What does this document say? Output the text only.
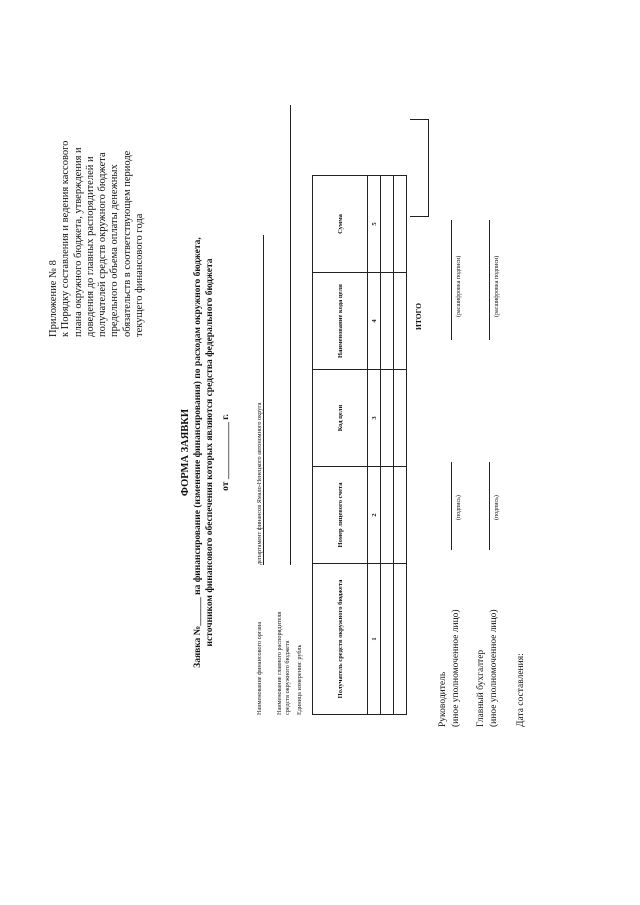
Приложение № 8 к Порядку составления и ведения кассового плана окружного бюджета, утверждения и доведения до главных распорядителей и получателей средств окружного бюджета предельного объема оплаты денежных обязательств в соответствующем периоде текущего финансового года
ФОРМА ЗАЯВКИ Заявка №______ на финансирование (изменение финансирования) по расходам окружного бюджета, источником финансового обеспечения которых являются средства федерального бюджета от ____________ г.
Наименование финансового органа
департамент финансов Ямало-Ненецкого автономного округа
Наименование главного распорядителя средств окружного бюджета Единица измерения: рубль	Получатель средств окружного бюджета	Номер лицевого счета	Код цели	Наименование кода цели	Сумма
1	2	3	4	5

ИТОГО
Руководитель (иное уполномоченное лицо)
(подпись)
(расшифровка подписи)
Главный бухгалтер (иное уполномоченное лицо)
(подпись)
(расшифровка подписи)
Дата составления:
